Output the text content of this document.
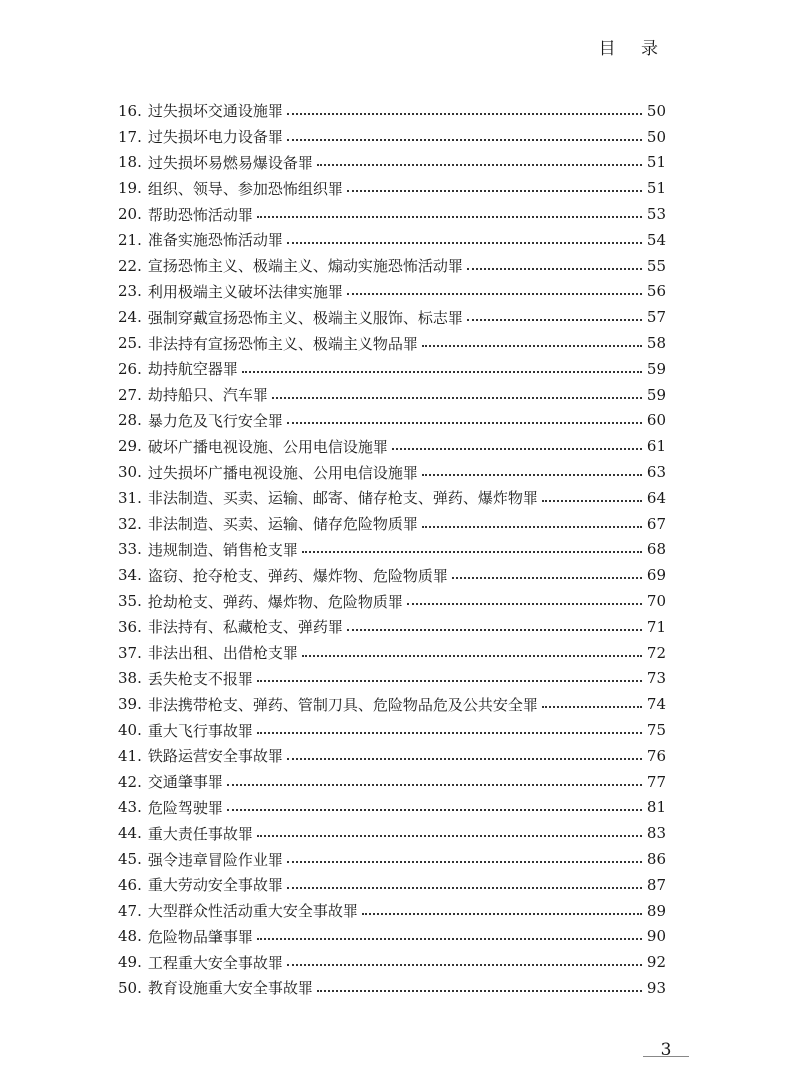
目 录
16. 过失损坏交通设施罪	50
17. 过失损坏电力设备罪	50
18. 过失损坏易燃易爆设备罪	51
19. 组织、领导、参加恐怖组织罪	51
20. 帮助恐怖活动罪	53
21. 准备实施恐怖活动罪	54
22. 宣扬恐怖主义、极端主义、煽动实施恐怖活动罪	55
23. 利用极端主义破坏法律实施罪	56
24. 强制穿戴宣扬恐怖主义、极端主义服饰、标志罪	57
25. 非法持有宣扬恐怖主义、极端主义物品罪	58
26. 劫持航空器罪	59
27. 劫持船只、汽车罪	59
28. 暴力危及飞行安全罪	60
29. 破坏广播电视设施、公用电信设施罪	61
30. 过失损坏广播电视设施、公用电信设施罪	63
31. 非法制造、买卖、运输、邮寄、储存枪支、弹药、爆炸物罪	64
32. 非法制造、买卖、运输、储存危险物质罪	67
33. 违规制造、销售枪支罪	68
34. 盗窃、抢夺枪支、弹药、爆炸物、危险物质罪	69
35. 抢劫枪支、弹药、爆炸物、危险物质罪	70
36. 非法持有、私藏枪支、弹药罪	71
37. 非法出租、出借枪支罪	72
38. 丢失枪支不报罪	73
39. 非法携带枪支、弹药、管制刀具、危险物品危及公共安全罪	74
40. 重大飞行事故罪	75
41. 铁路运营安全事故罪	76
42. 交通肇事罪	77
43. 危险驾驶罪	81
44. 重大责任事故罪	83
45. 强令违章冒险作业罪	86
46. 重大劳动安全事故罪	87
47. 大型群众性活动重大安全事故罪	89
48. 危险物品肇事罪	90
49. 工程重大安全事故罪	92
50. 教育设施重大安全事故罪	93
3
